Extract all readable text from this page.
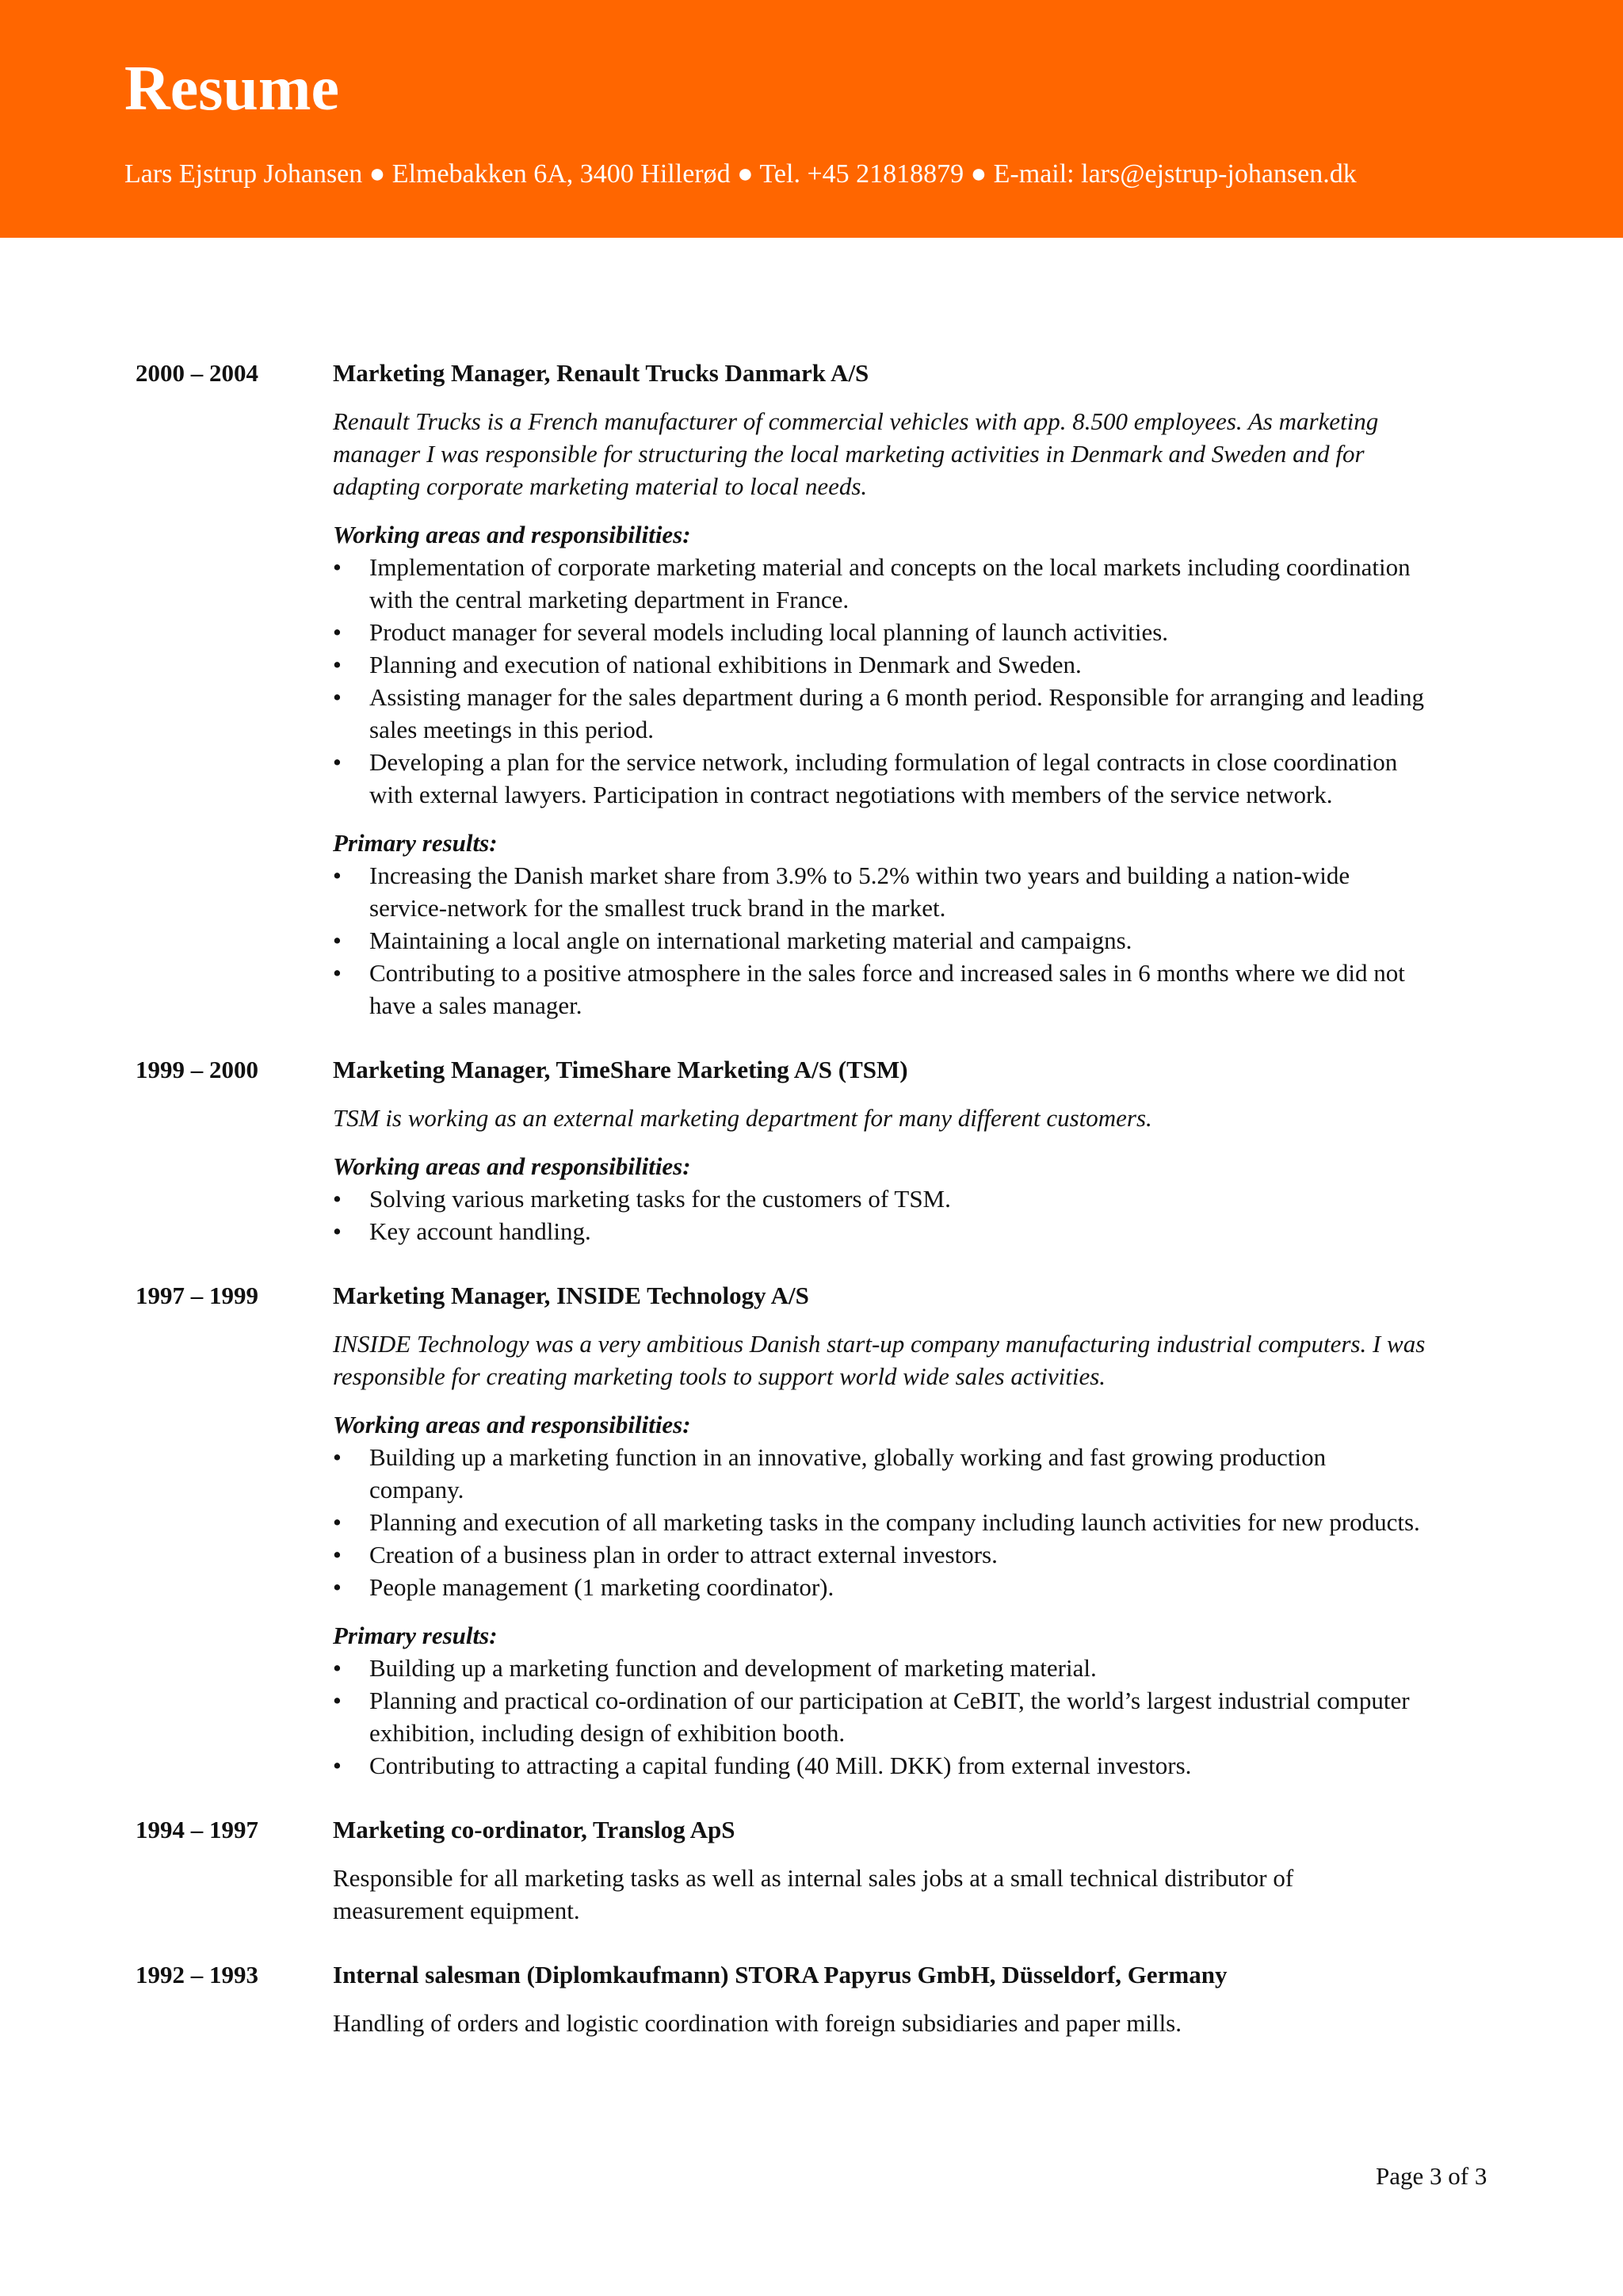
Resume
Lars Ejstrup Johansen ● Elmebakken 6A, 3400 Hillerød ● Tel. +45 21818879 ● E-mail: lars@ejstrup-johansen.dk
2000 – 2004	Marketing Manager, Renault Trucks Danmark A/S

Renault Trucks is a French manufacturer of commercial vehicles with app. 8.500 employees. As marketing manager I was responsible for structuring the local marketing activities in Denmark and Sweden and for adapting corporate marketing material to local needs.

Working areas and responsibilities:

• Implementation of corporate marketing material and concepts on the local markets including coordination with the central marketing department in France.
• Product manager for several models including local planning of launch activities.
• Planning and execution of national exhibitions in Denmark and Sweden.
• Assisting manager for the sales department during a 6 month period. Responsible for arranging and leading sales meetings in this period.
• Developing a plan for the service network, including formulation of legal contracts in close coordination with external lawyers. Participation in contract negotiations with members of the service network.

Primary results:

• Increasing the Danish market share from 3.9% to 5.2% within two years and building a nation-wide service-network for the smallest truck brand in the market.
• Maintaining a local angle on international marketing material and campaigns.
• Contributing to a positive atmosphere in the sales force and increased sales in 6 months where we did not have a sales manager.
1999 – 2000	Marketing Manager, TimeShare Marketing A/S (TSM)

TSM is working as an external marketing department for many different customers.

Working areas and responsibilities:

• Solving various marketing tasks for the customers of TSM.
• Key account handling.
1997 – 1999	Marketing Manager, INSIDE Technology A/S

INSIDE Technology was a very ambitious Danish start-up company manufacturing industrial computers. I was responsible for creating marketing tools to support world wide sales activities.

Working areas and responsibilities:

• Building up a marketing function in an innovative, globally working and fast growing production company.
• Planning and execution of all marketing tasks in the company including launch activities for new products.
• Creation of a business plan in order to attract external investors.
• People management (1 marketing coordinator).

Primary results:

• Building up a marketing function and development of marketing material.
• Planning and practical co-ordination of our participation at CeBIT, the world’s largest industrial computer exhibition, including design of exhibition booth.
• Contributing to attracting a capital funding (40 Mill. DKK) from external investors.
1994 – 1997	Marketing co-ordinator, Translog ApS

Responsible for all marketing tasks as well as internal sales jobs at a small technical distributor of measurement equipment.

1992 – 1993	Internal salesman (Diplomkaufmann) STORA Papyrus GmbH, Düsseldorf, Germany

Handling of orders and logistic coordination with foreign subsidiaries and paper mills.

Page 3 of 3
